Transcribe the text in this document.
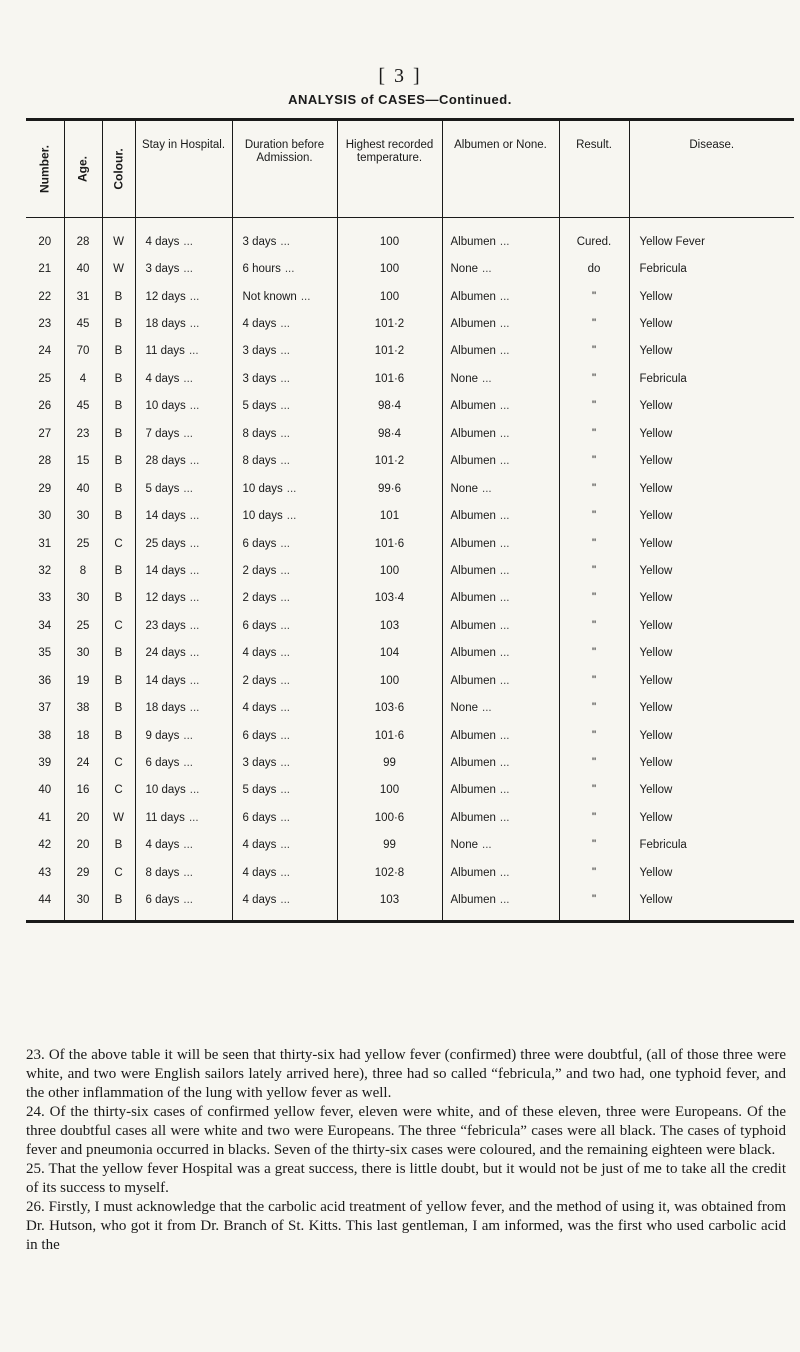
[ 3 ]
ANALYSIS of CASES—Continued.
Number.	Age.	Colour.	Stay in Hospital.	Duration before Admission.	Highest recorded temperature.	Albumen or None.	Result.	Disease.

20	28	W	4 days ...	3 days ...	100	Albumen ...	Cured.	Yellow Fever
21	40	W	3 days ...	6 hours ...	100	None ...	do	Febricula
22	31	B	12 days ...	Not known ...	100	Albumen ...	"	Yellow
23	45	B	18 days ...	4 days ...	101·2	Albumen ...	"	Yellow
24	70	B	11 days ...	3 days ...	101·2	Albumen ...	"	Yellow
25	4	B	4 days ...	3 days ...	101·6	None ...	"	Febricula
26	45	B	10 days ...	5 days ...	98·4	Albumen ...	"	Yellow
27	23	B	7 days ...	8 days ...	98·4	Albumen ...	"	Yellow
28	15	B	28 days ...	8 days ...	101·2	Albumen ...	"	Yellow
29	40	B	5 days ...	10 days ...	99·6	None ...	"	Yellow
30	30	B	14 days ...	10 days ...	101	Albumen ...	"	Yellow
31	25	C	25 days ...	6 days ...	101·6	Albumen ...	"	Yellow
32	8	B	14 days ...	2 days ...	100	Albumen ...	"	Yellow
33	30	B	12 days ...	2 days ...	103·4	Albumen ...	"	Yellow
34	25	C	23 days ...	6 days ...	103	Albumen ...	"	Yellow
35	30	B	24 days ...	4 days ...	104	Albumen ...	"	Yellow
36	19	B	14 days ...	2 days ...	100	Albumen ...	"	Yellow
37	38	B	18 days ...	4 days ...	103·6	None ...	"	Yellow
38	18	B	9 days ...	6 days ...	101·6	Albumen ...	"	Yellow
39	24	C	6 days ...	3 days ...	99	Albumen ...	"	Yellow
40	16	C	10 days ...	5 days ...	100	Albumen ...	"	Yellow
41	20	W	11 days ...	6 days ...	100·6	Albumen ...	"	Yellow
42	20	B	4 days ...	4 days ...	99	None ...	"	Febricula
43	29	C	8 days ...	4 days ...	102·8	Albumen ...	"	Yellow
44	30	B	6 days ...	4 days ...	103	Albumen ...	"	Yellow

23. Of the above table it will be seen that thirty-six had yellow fever (confirmed) three were doubtful, (all of those three were white, and two were English sailors lately arrived here), three had so called “febricula,” and two had, one typhoid fever, and the other inflammation of the lung with yellow fever as well.

24. Of the thirty-six cases of confirmed yellow fever, eleven were white, and of these eleven, three were Europeans. Of the three doubtful cases all were white and two were Europeans. The three “febricula” cases were all black. The cases of typhoid fever and pneumonia occurred in blacks. Seven of the thirty-six cases were coloured, and the remaining eighteen were black.

25. That the yellow fever Hospital was a great success, there is little doubt, but it would not be just of me to take all the credit of its success to myself.

26. Firstly, I must acknowledge that the carbolic acid treatment of yellow fever, and the method of using it, was obtained from Dr. Hutson, who got it from Dr. Branch of St. Kitts. This last gentleman, I am informed, was the first who used carbolic acid in the
